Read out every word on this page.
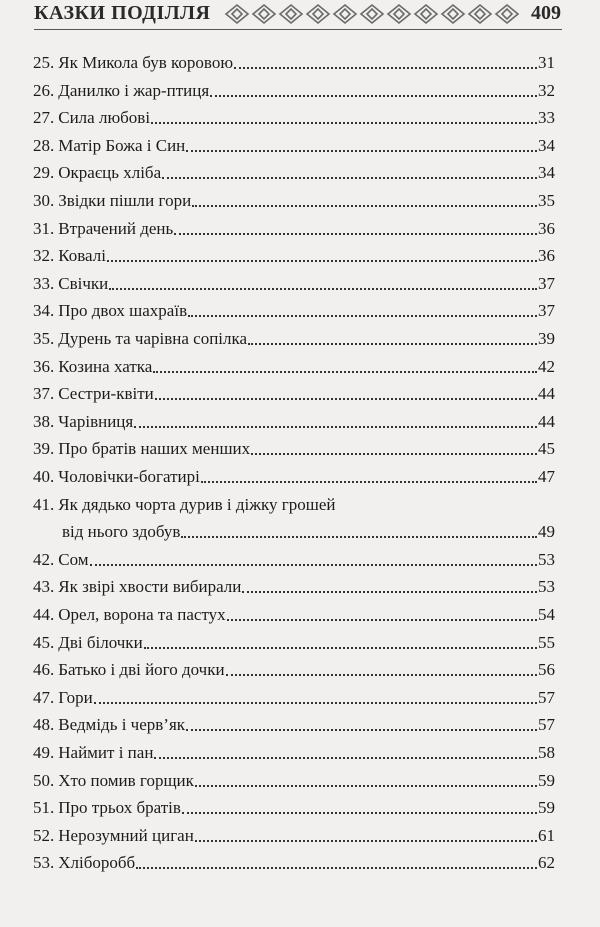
КАЗКИ ПОДІЛЛЯ	409
25. Як Микола був коровою	31
26. Данилко і жар-птиця	32
27. Сила любові	33
28. Матір Божа і Син	34
29. Окраєць хліба	34
30. Звідки пішли гори	35
31. Втрачений день	36
32. Ковалі	36
33. Свічки	37
34. Про двох шахраїв	37
35. Дурень та чарівна сопілка	39
36. Козина хатка	42
37. Сестри-квіти	44
38. Чарівниця	44
39. Про братів наших менших	45
40. Чоловічки-богатирі	47
41. Як дядько чорта дурив і діжку грошей
від нього здобув	49
42. Сом	53
43. Як звірі хвости вибирали	53
44. Орел, ворона та пастух	54
45. Дві білочки	55
46. Батько і дві його дочки	56
47. Гори	57
48. Ведмідь і черв’як	57
49. Наймит і пан	58
50. Хто помив горщик	59
51. Про трьох братів	59
52. Нерозумний циган	61
53. Хліборобб	62
